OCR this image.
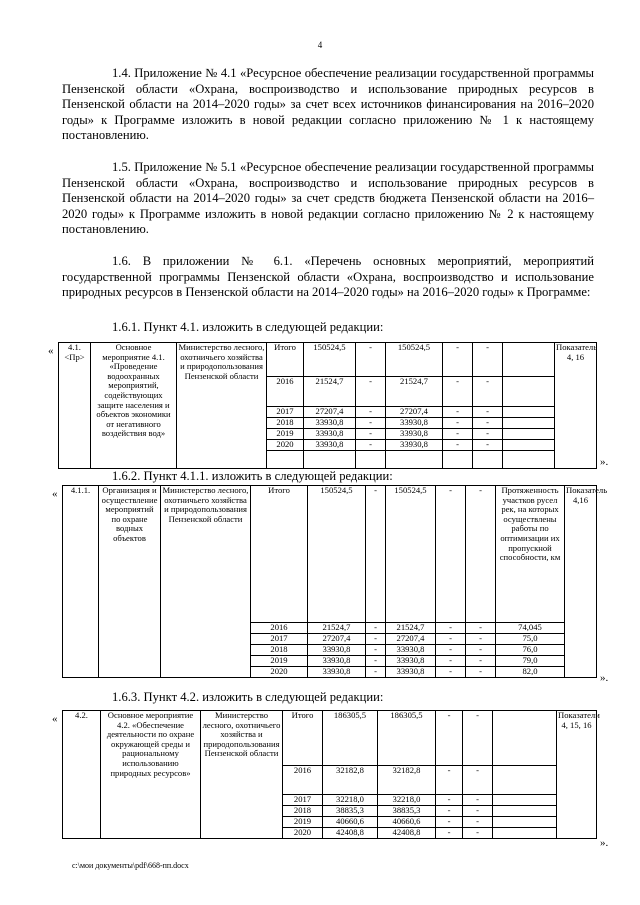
4

1.4. Приложение № 4.1 «Ресурсное обеспечение реализации государственной программы Пензенской области «Охрана, воспроизводство и использование природных ресурсов в Пензенской области на 2014–2020 годы» за счет всех источников финансирования на 2016–2020 годы» к Программе изложить в новой редакции согласно приложению № 1 к настоящему постановлению.

1.5. Приложение № 5.1 «Ресурсное обеспечение реализации государственной программы Пензенской области «Охрана, воспроизводство и использование природных ресурсов в Пензенской области на 2014–2020 годы» за счет средств бюджета Пензенской области на 2016–2020 годы» к Программе изложить в новой редакции согласно приложению № 2 к настоящему постановлению.

1.6. В приложении № 6.1. «Перечень основных мероприятий, мероприятий государственной программы Пензенской области «Охрана, воспроизводство и использование природных ресурсов в Пензенской области на 2014–2020 годы» на 2016–2020 годы» к Программе:

1.6.1. Пункт 4.1. изложить в следующей редакции:

« 4.1. <Пр>	Основное мероприятие 4.1. «Проведение водоохранных мероприятий, содействующих защите населения и объектов экономики от негативного воздействия вод»	Министерство лесного, охотничьего хозяйства и природопользования Пензенской области	Итого	150524,5	-	150524,5	-	-		Показатель 4, 16
			2016	21524,7	-	21524,7	-	-		
			2017	27207,4	-	27207,4	-	-		
			2018	33930,8	-	33930,8	-	-		
			2019	33930,8	-	33930,8	-	-		
			2020	33930,8	-	33930,8	-	-		

».

1.6.2. Пункт 4.1.1. изложить в следующей редакции:

« 4.1.1.	Организация и осуществление мероприятий по охране водных объектов	Министерство лесного, охотничьего хозяйства и природопользования Пензенской области	Итого	150524,5	-	150524,5	-	-	Протяженность участков русел рек, на которых осуществлены работы по оптимизации их пропускной способности, км	Показатель 4,16
			2016	21524,7	-	21524,7	-	-	74,045	
			2017	27207,4	-	27207,4	-	-	75,0	
			2018	33930,8	-	33930,8	-	-	76,0	
			2019	33930,8	-	33930,8	-	-	79,0	
			2020	33930,8	-	33930,8	-	-	82,0	
».

1.6.3. Пункт 4.2. изложить в следующей редакции:

« 4.2.	Основное мероприятие 4.2. «Обеспечение деятельности по охране окружающей среды и рациональному использованию природных ресурсов»	Министерство лесного, охотничьего хозяйства и природопользования Пензенской области	Итого	186305,5	186305,5	-	-		Показатели 4, 15, 16
			2016	32182,8	32182,8	-	-		
			2017	32218,0	32218,0	-	-		
			2018	38835,3	38835,3	-	-		
			2019	40660,6	40660,6	-	-		
			2020	42408,8	42408,8	-	-		
».
c:\мои документы\pdf\668-пп.docx
